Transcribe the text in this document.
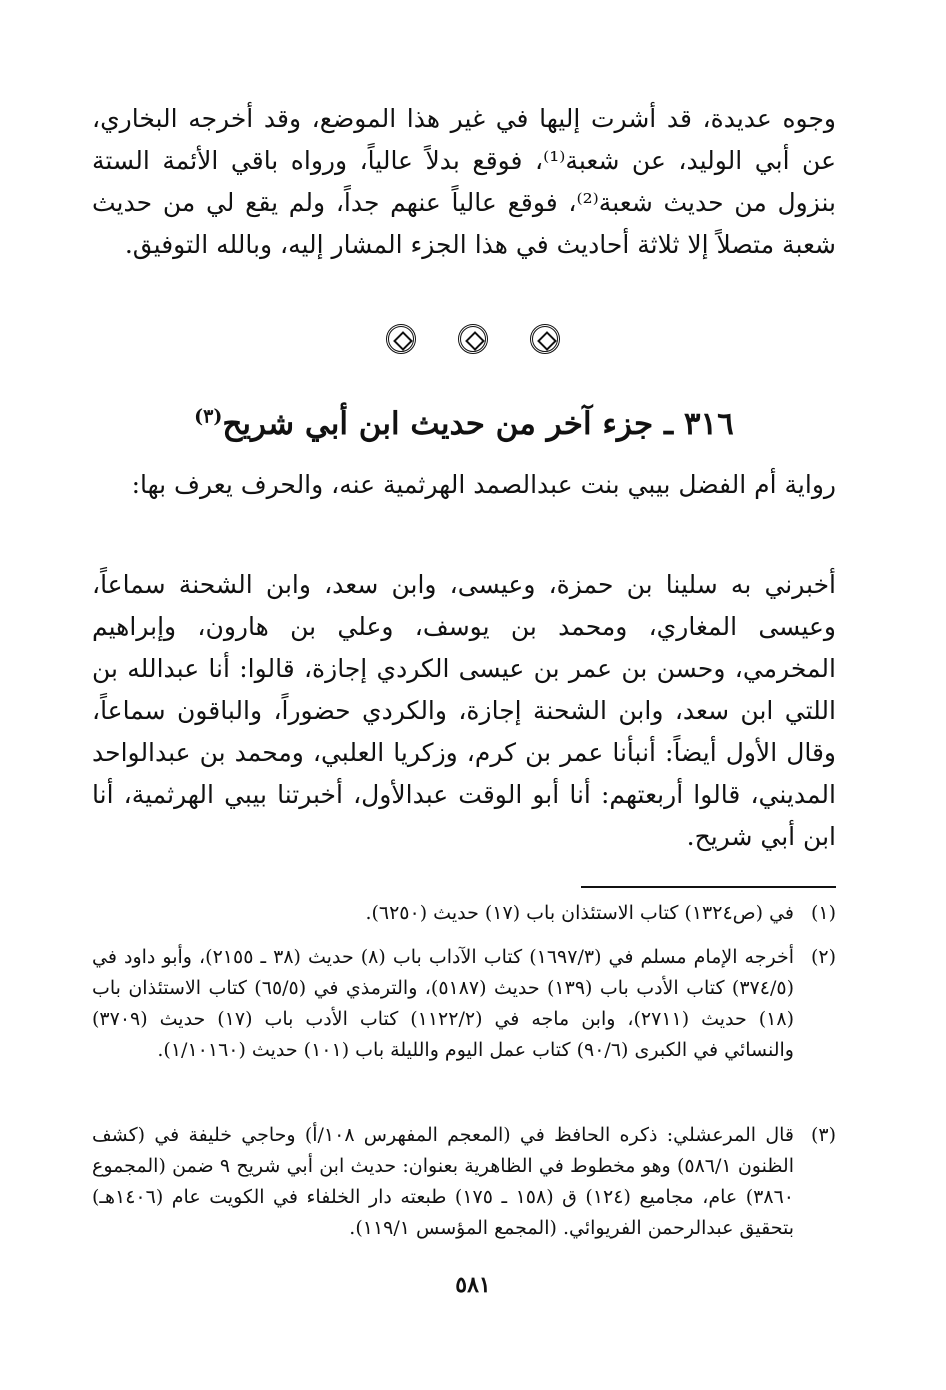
وجوه عديدة، قد أشرت إليها في غير هذا الموضع، وقد أخرجه البخاري، عن أبي الوليد، عن شعبة⁽¹⁾، فوقع بدلاً عالياً، ورواه باقي الأئمة الستة بنزول من حديث شعبة⁽²⁾، فوقع عالياً عنهم جداً، ولم يقع لي من حديث شعبة متصلاً إلا ثلاثة أحاديث في هذا الجزء المشار إليه، وبالله التوفيق.

٣١٦ ـ جزء آخر من حديث ابن أبي شريح$^{(٣)}$
رواية أم الفضل بيبي بنت عبدالصمد الهرثمية عنه، والحرف يعرف بها:
أخبرني به سلينا بن حمزة، وعيسى، وابن سعد، وابن الشحنة سماعاً، وعيسى المغاري، ومحمد بن يوسف، وعلي بن هارون، وإبراهيم المخرمي، وحسن بن عمر بن عيسى الكردي إجازة، قالوا: أنا عبدالله بن اللتي ابن سعد، وابن الشحنة إجازة، والكردي حضوراً، والباقون سماعاً، وقال الأول أيضاً: أنبأنا عمر بن كرم، وزكريا العلبي، ومحمد بن عبدالواحد المديني، قالوا أربعتهم: أنا أبو الوقت عبدالأول، أخبرتنا بيبي الهرثمية، أنا ابن أبي شريح.
(١)
في (ص١٣٢٤) كتاب الاستئذان باب (١٧) حديث (٦٢٥٠).
(٢)
أخرجه الإمام مسلم في (١٦٩٧/٣) كتاب الآداب باب (٨) حديث (٣٨ ـ ٢١٥٥)، وأبو داود في (٣٧٤/٥) كتاب الأدب باب (١٣٩) حديث (٥١٨٧)، والترمذي في (٦٥/٥) كتاب الاستئذان باب (١٨) حديث (٢٧١١)، وابن ماجه في (١١٢٢/٢) كتاب الأدب باب (١٧) حديث (٣٧٠٩) والنسائي في الكبرى (٩٠/٦) كتاب عمل اليوم والليلة باب (١٠١) حديث (١/١٠١٦٠).
(٣)
قال المرعشلي: ذكره الحافظ في (المعجم المفهرس ١٠٨/أ) وحاجي خليفة في (كشف الظنون ٥٨٦/١) وهو مخطوط في الظاهرية بعنوان: حديث ابن أبي شريح ٩ ضمن (المجموع ٣٨٦٠) عام، مجاميع (١٢٤) ق (١٥٨ ـ ١٧٥) طبعته دار الخلفاء في الكويت عام (١٤٠٦هـ) بتحقيق عبدالرحمن الفريوائي. (المجمع المؤسس ١١٩/١).
٥٨١
